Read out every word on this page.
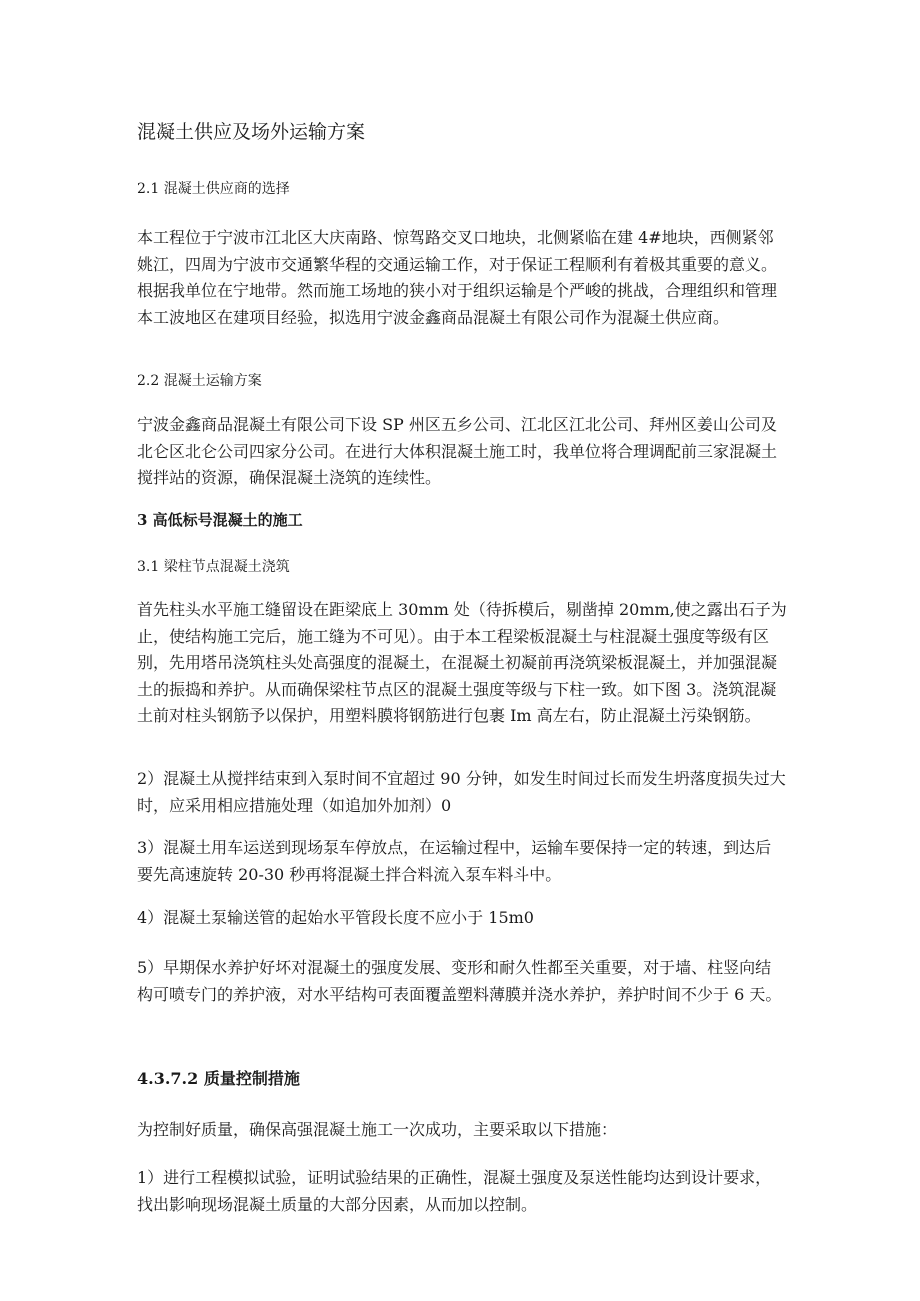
混凝土供应及场外运输方案
2.1 混凝土供应商的选择

本工程位于宁波市江北区大庆南路、惊驾路交叉口地块，北侧紧临在建 4#地块，西侧紧邻姚江，四周为宁波市交通繁华程的交通运输工作，对于保证工程顺利有着极其重要的意义。根据我单位在宁地带。然而施工场地的狭小对于组织运输是个严峻的挑战，合理组织和管理本工波地区在建项目经验，拟选用宁波金鑫商品混凝土有限公司作为混凝土供应商。

2.2 混凝土运输方案

宁波金鑫商品混凝土有限公司下设 SP 州区五乡公司、江北区江北公司、拜州区姜山公司及北仑区北仑公司四家分公司。在进行大体积混凝土施工时，我单位将合理调配前三家混凝土搅拌站的资源，确保混凝土浇筑的连续性。

3 高低标号混凝土的施工
3.1 梁柱节点混凝土浇筑

首先柱头水平施工缝留设在距梁底上 30mm 处（待拆模后，剔凿掉 20mm,使之露出石子为止，使结构施工完后，施工缝为不可见）。由于本工程梁板混凝土与柱混凝土强度等级有区别，先用塔吊浇筑柱头处高强度的混凝土，在混凝土初凝前再浇筑梁板混凝土，并加强混凝土的振捣和养护。从而确保梁柱节点区的混凝土强度等级与下柱一致。如下图 3。浇筑混凝土前对柱头钢筋予以保护，用塑料膜将钢筋进行包裹 Im 高左右，防止混凝土污染钢筋。

2）混凝土从搅拌结束到入泵时间不宜超过 90 分钟，如发生时间过长而发生坍落度损失过大时，应采用相应措施处理（如追加外加剂）0

3）混凝土用车运送到现场泵车停放点，在运输过程中，运输车要保持一定的转速，到达后要先高速旋转 20-30 秒再将混凝土拌合料流入泵车料斗中。

4）混凝土泵输送管的起始水平管段长度不应小于 15m0

5）早期保水养护好坏对混凝土的强度发展、变形和耐久性都至关重要，对于墙、柱竖向结构可喷专门的养护液，对水平结构可表面覆盖塑料薄膜并浇水养护，养护时间不少于 6 天。

4.3.7.2 质量控制措施

为控制好质量，确保高强混凝土施工一次成功，主要采取以下措施：

1）进行工程模拟试验，证明试验结果的正确性，混凝土强度及泵送性能均达到设计要求，找出影响现场混凝土质量的大部分因素，从而加以控制。
